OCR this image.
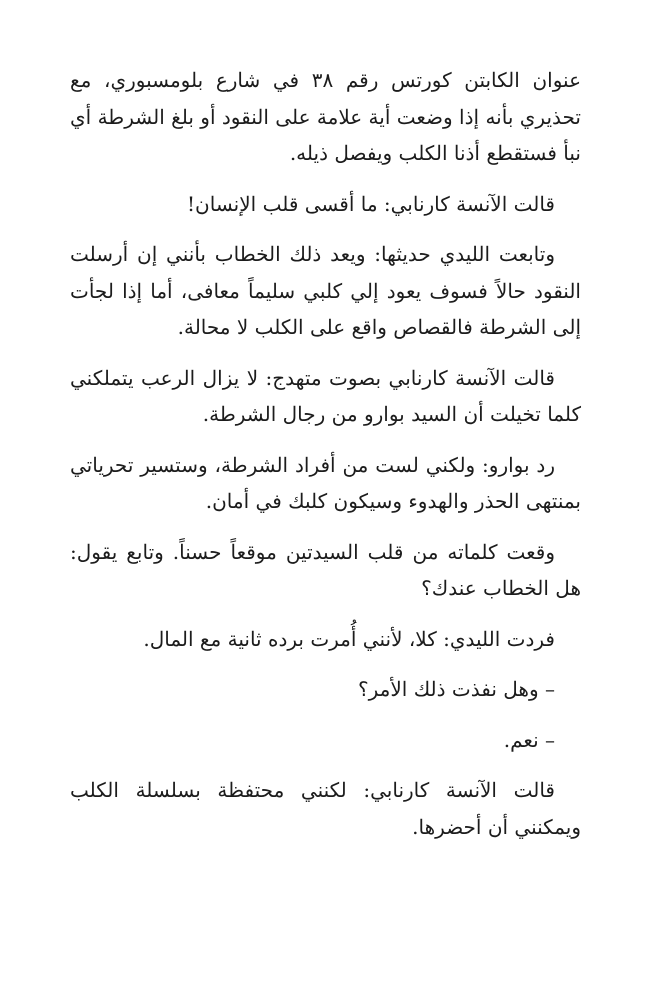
عنوان الكابتن كورتس رقم ٣٨ في شارع بلومسبوري، مع تحذيري بأنه إذا وضعت أية علامة على النقود أو بلغ الشرطة أي نبأ فستقطع أذنا الكلب ويفصل ذيله.

قالت الآنسة كارنابي: ما أقسى قلب الإنسان!

وتابعت الليدي حديثها: ويعد ذلك الخطاب بأنني إن أرسلت النقود حالاً فسوف يعود إلي كلبي سليماً معافى، أما إذا لجأت إلى الشرطة فالقصاص واقع على الكلب لا محالة.

قالت الآنسة كارنابي بصوت متهدج: لا يزال الرعب يتملكني كلما تخيلت أن السيد بوارو من رجال الشرطة.

رد بوارو: ولكني لست من أفراد الشرطة، وستسير تحرياتي بمنتهى الحذر والهدوء وسيكون كلبك في أمان.

وقعت كلماته من قلب السيدتين موقعاً حسناً. وتابع يقول: هل الخطاب عندك؟

فردت الليدي: كلا، لأنني أُمرت برده ثانية مع المال.

– وهل نفذت ذلك الأمر؟

– نعم.

قالت الآنسة كارنابي: لكنني محتفظة بسلسلة الكلب ويمكنني أن أحضرها.
